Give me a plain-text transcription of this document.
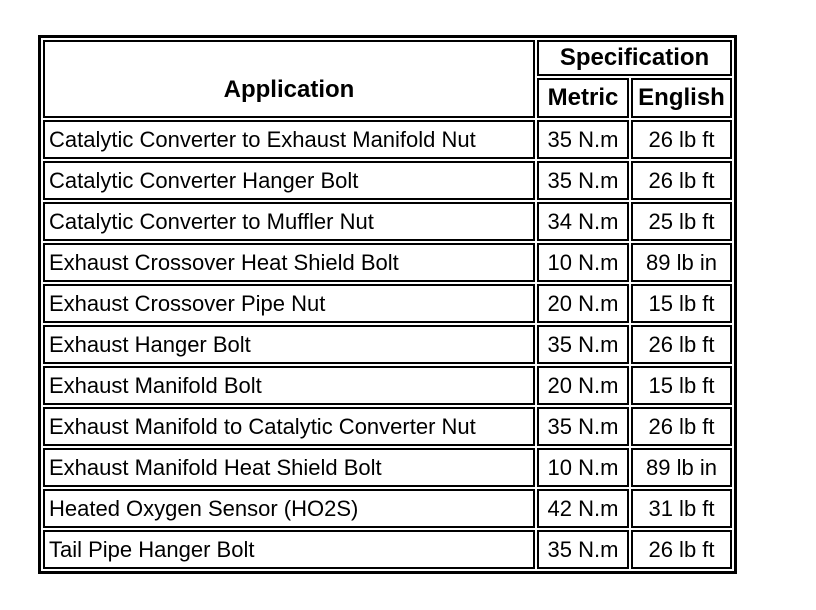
Application	Specification	
	Metric	English
Catalytic Converter to Exhaust Manifold Nut	35 N.m	26 lb ft
Catalytic Converter Hanger Bolt	35 N.m	26 lb ft
Catalytic Converter to Muffler Nut	34 N.m	25 lb ft
Exhaust Crossover Heat Shield Bolt	10 N.m	89 lb in
Exhaust Crossover Pipe Nut	20 N.m	15 lb ft
Exhaust Hanger Bolt	35 N.m	26 lb ft
Exhaust Manifold Bolt	20 N.m	15 lb ft
Exhaust Manifold to Catalytic Converter Nut	35 N.m	26 lb ft
Exhaust Manifold Heat Shield Bolt	10 N.m	89 lb in
Heated Oxygen Sensor (HO2S)	42 N.m	31 lb ft
Tail Pipe Hanger Bolt	35 N.m	26 lb ft
